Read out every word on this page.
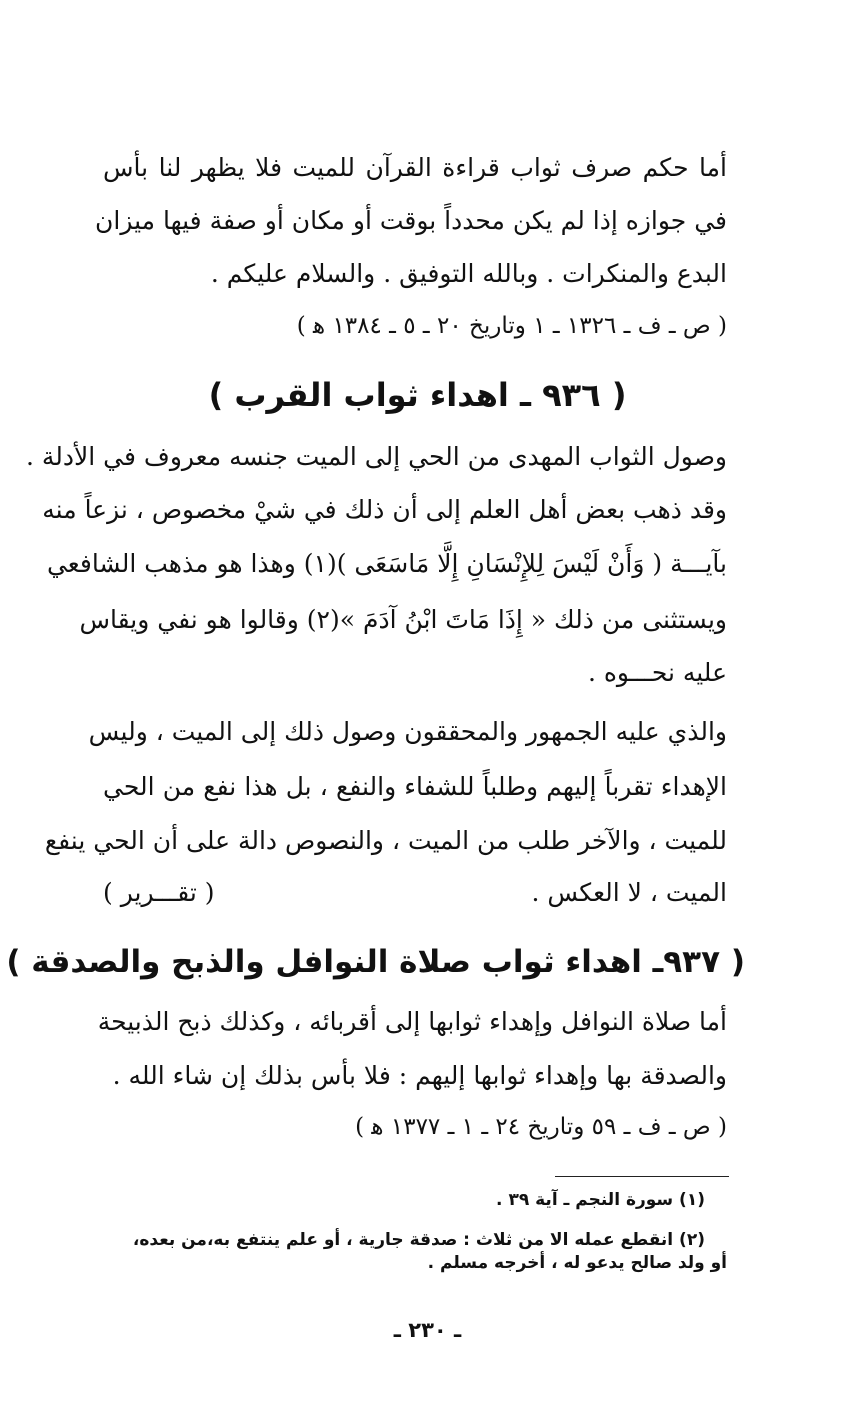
أما حكم صرف ثواب قراءة القرآن للميت فلا يظهر لنا بأس
في جوازه إذا لم يكن محدداً بوقت أو مكان أو صفة فيها ميزان
البدع والمنكرات . وبالله التوفيق . والسلام عليكم .
( ص ـ ف ـ ١٣٢٦ ـ ١ وتاريخ ٢٠ ـ ٥ ـ ١٣٨٤ ﻫ )
( ٩٣٦ ـ اهداء ثواب القرب )
وصول الثواب المهدى من الحي إلى الميت جنسه معروف في الأدلة .
وقد ذهب بعض أهل العلم إلى أن ذلك في شيْ مخصوص ، نزعاً منه
بآيـــة ( وَأَنْ لَيْسَ لِلإِنْسَانِ إِلَّا مَاسَعَى )(١) وهذا هو مذهب الشافعي
ويستثنى من ذلك « إِذَا مَاتَ ابْنُ آدَمَ »(٢) وقالوا هو نفي ويقاس
عليه نحـــوه .
والذي عليه الجمهور والمحققون وصول ذلك إلى الميت ، وليس
الإهداء تقرباً إليهم وطلباً للشفاء والنفع ، بل هذا نفع من الحي
للميت ، والآخر طلب من الميت ، والنصوص دالة على أن الحي ينفع
الميت ، لا العكس .
( تقـــرير )
( ٩٣٧ـ اهداء ثواب صلاة النوافل والذبح والصدقة )
أما صلاة النوافل وإهداء ثوابها إلى أقربائه ، وكذلك ذبح الذبيحة
والصدقة بها وإهداء ثوابها إليهم : فلا بأس بذلك إن شاء الله .
( ص ـ ف ـ ٥٩ وتاريخ ٢٤ ـ ١ ـ ١٣٧٧ ﻫ )
(١) سورة النجم ـ آية ٣٩ .
(٢) انقطع عمله الا من ثلاث : صدقة جارية ، أو علم ينتفع به،من بعده،
أو ولد صالح يدعو له ، أخرجه مسلم .
ـ ٢٣٠ ـ
